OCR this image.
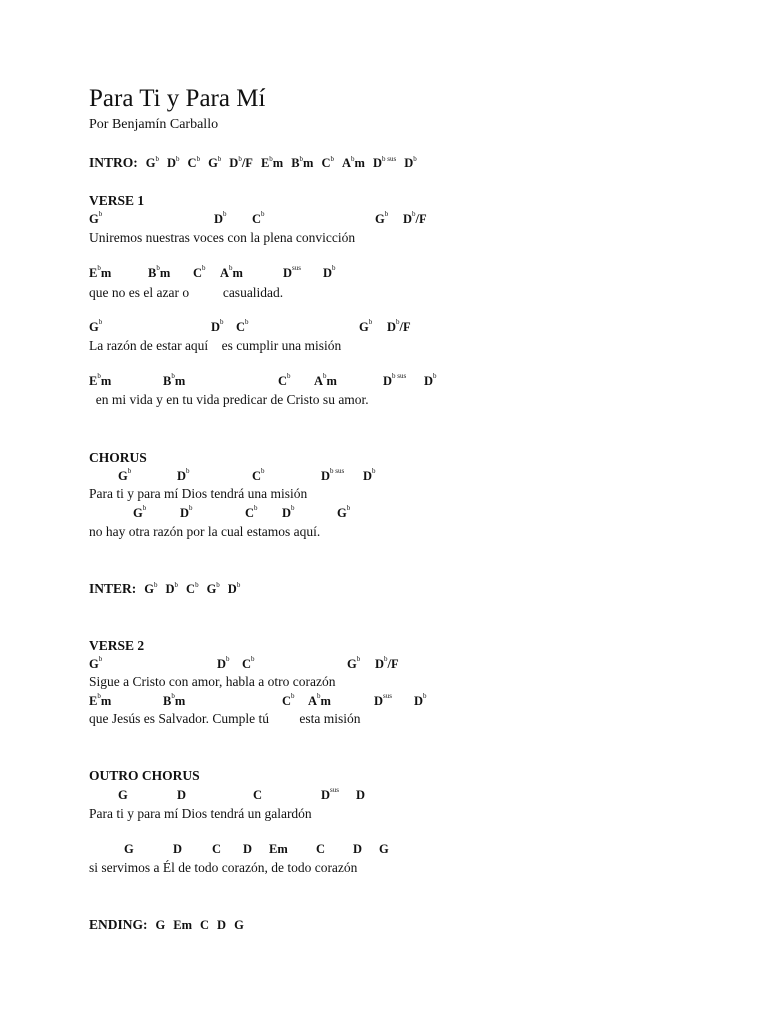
Para Ti y Para Mí
Por Benjamín Carballo
INTRO: $G^b$ $D^b$ $C^b$ $G^b$ $D^b/F$ $E^bm$ $B^bm$ $C^b$ $A^bm$ $D^{b sus}$ $D^b$
VERSE 1
Uniremos nuestras voces con la plena convicción
que no es el azar o          casualidad.
La razón de estar aquí    es cumplir una misión
en mi vida y en tu vida predicar de Cristo su amor.
CHORUS
Para ti y para mí Dios tendrá una misión
no hay otra razón por la cual estamos aquí.
INTER: $G^b$ $D^b$ $C^b$ $G^b$ $D^b$
VERSE 2
Sigue a Cristo con amor, habla a otro corazón
que Jesús es Salvador. Cumple tú         esta misión
OUTRO CHORUS
Para ti y para mí Dios tendrá un galardón
si servimos a Él de todo corazón, de todo corazón
ENDING: G Em C D G
$G^b$	$D^b$ $C^b$	$G^b$ $D^b/F$
$E^bm$	$B^bm$ $C^b$ $A^bm$	$D^{sus}$ $D^b$
$G^b$	$D^b$ $C^b$	$G^b$ $D^b/F$
$E^bm$	$B^bm$	$C^b$ $A^bm$	$D^{b sus}$ $D^b$
$G^b$	$D^b$	$C^b$	$D^{b sus}$ $D^b$
$G^b$	$D^b$	$C^b$ $D^b$	$G^b$
$G^b$	$D^b$ $C^b$	$G^b$ $D^b/F$
$E^bm$	$B^bm$	$C^b$ $A^bm$	$D^{sus}$ $D^b$
G	D	C	$D^{sus}$ D
G	D C D Em C D G
